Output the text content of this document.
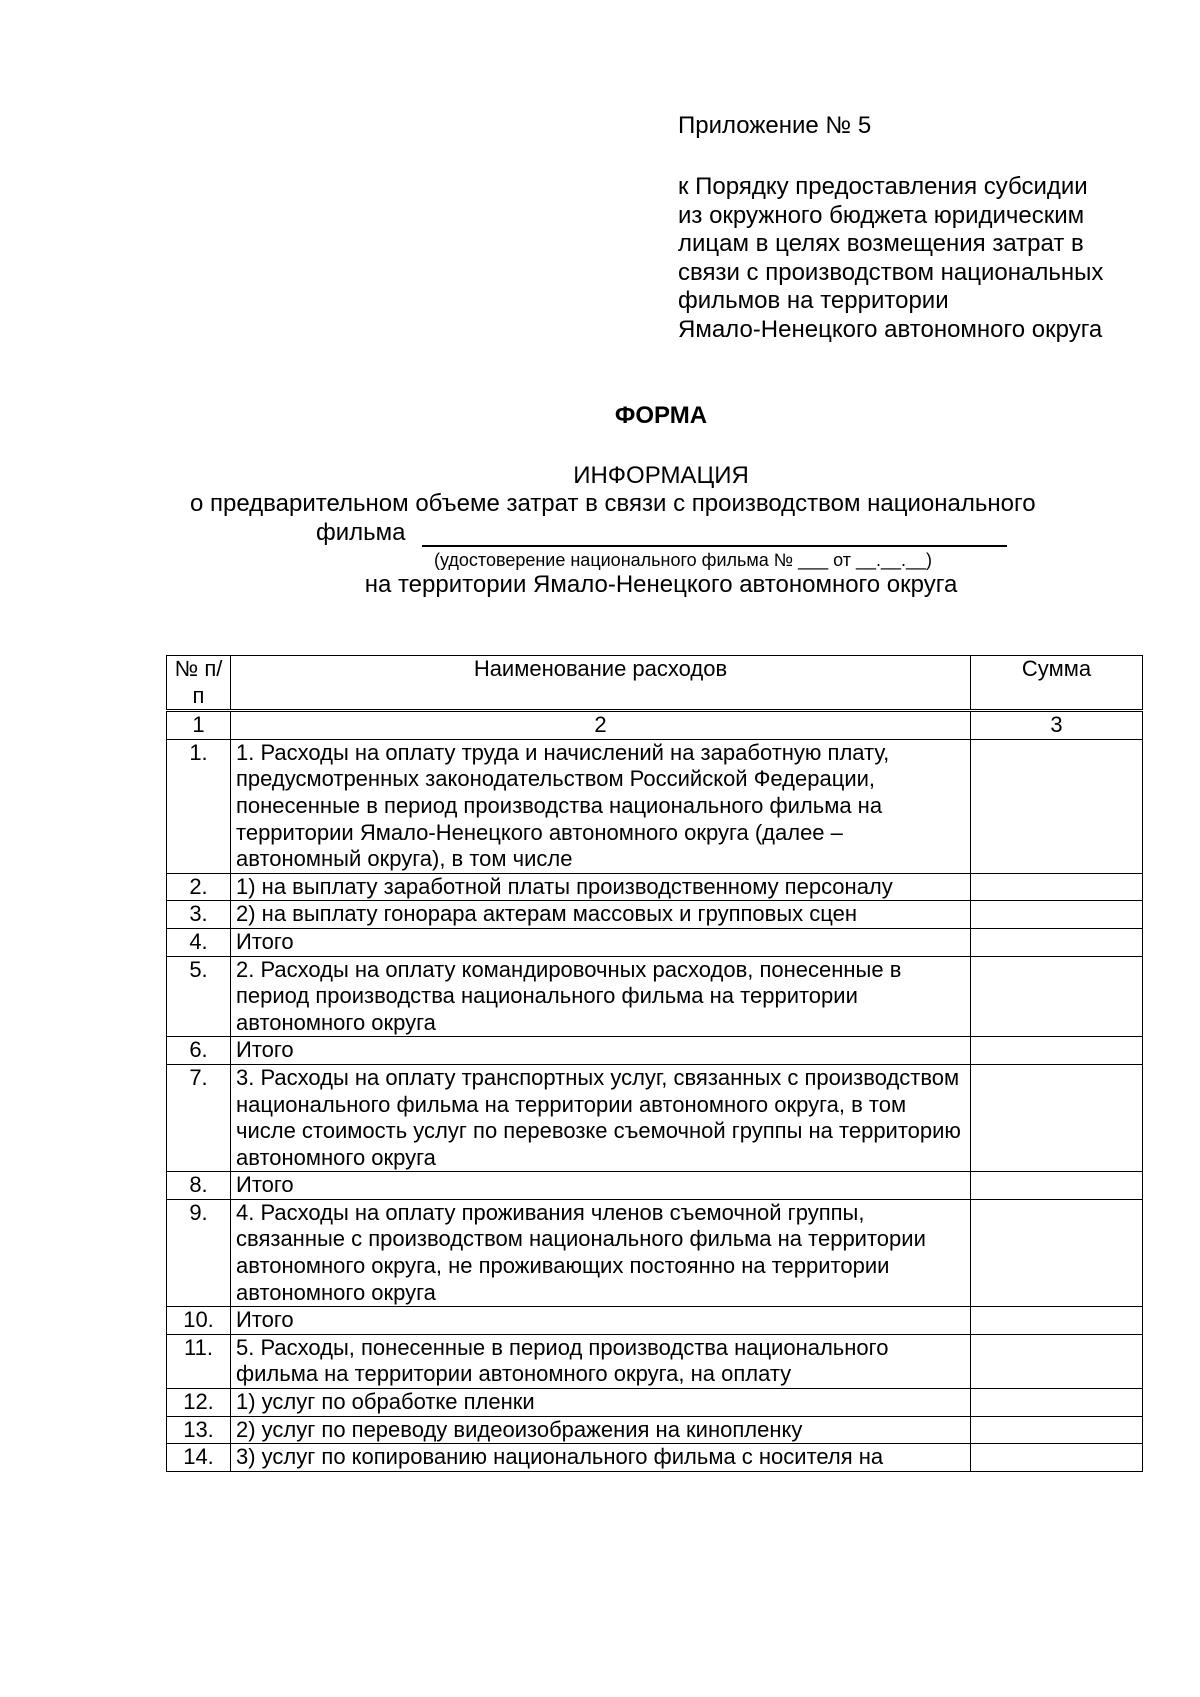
Приложение № 5
к Порядку предоставления субсидии
из окружного бюджета юридическим
лицам в целях возмещения затрат в
связи с производством национальных
фильмов на территории
Ямало-Ненецкого автономного округа
ФОРМА
ИНФОРМАЦИЯ
о предварительном объеме затрат в связи с производством национального
фильма
(удостоверение национального фильма № ___ от __.__.__)
на территории Ямало-Ненецкого автономного округа
№ п/п	Наименование расходов	Сумма
1	2	3
1.	1. Расходы на оплату труда и начислений на заработную плату, предусмотренных законодательством Российской Федерации, понесенные в период производства национального фильма на территории Ямало-Ненецкого автономного округа (далее – автономный округа), в том числе	
2.	1) на выплату заработной платы производственному персоналу	
3.	2) на выплату гонорара актерам массовых и групповых сцен	
4.	Итого	
5.	2. Расходы на оплату командировочных расходов, понесенные в период производства национального фильма на территории автономного округа	
6.	Итого	
7.	3. Расходы на оплату транспортных услуг, связанных с производством национального фильма на территории автономного округа, в том числе стоимость услуг по перевозке съемочной группы на территорию автономного округа	
8.	Итого	
9.	4. Расходы на оплату проживания членов съемочной группы, связанные с производством национального фильма на территории автономного округа, не проживающих постоянно на территории автономного округа	
10.	Итого	
11.	5. Расходы, понесенные в период производства национального фильма на территории автономного округа, на оплату	
12.	1) услуг по обработке пленки	
13.	2) услуг по переводу видеоизображения на кинопленку	
14.	3) услуг по копированию национального фильма с носителя на	
